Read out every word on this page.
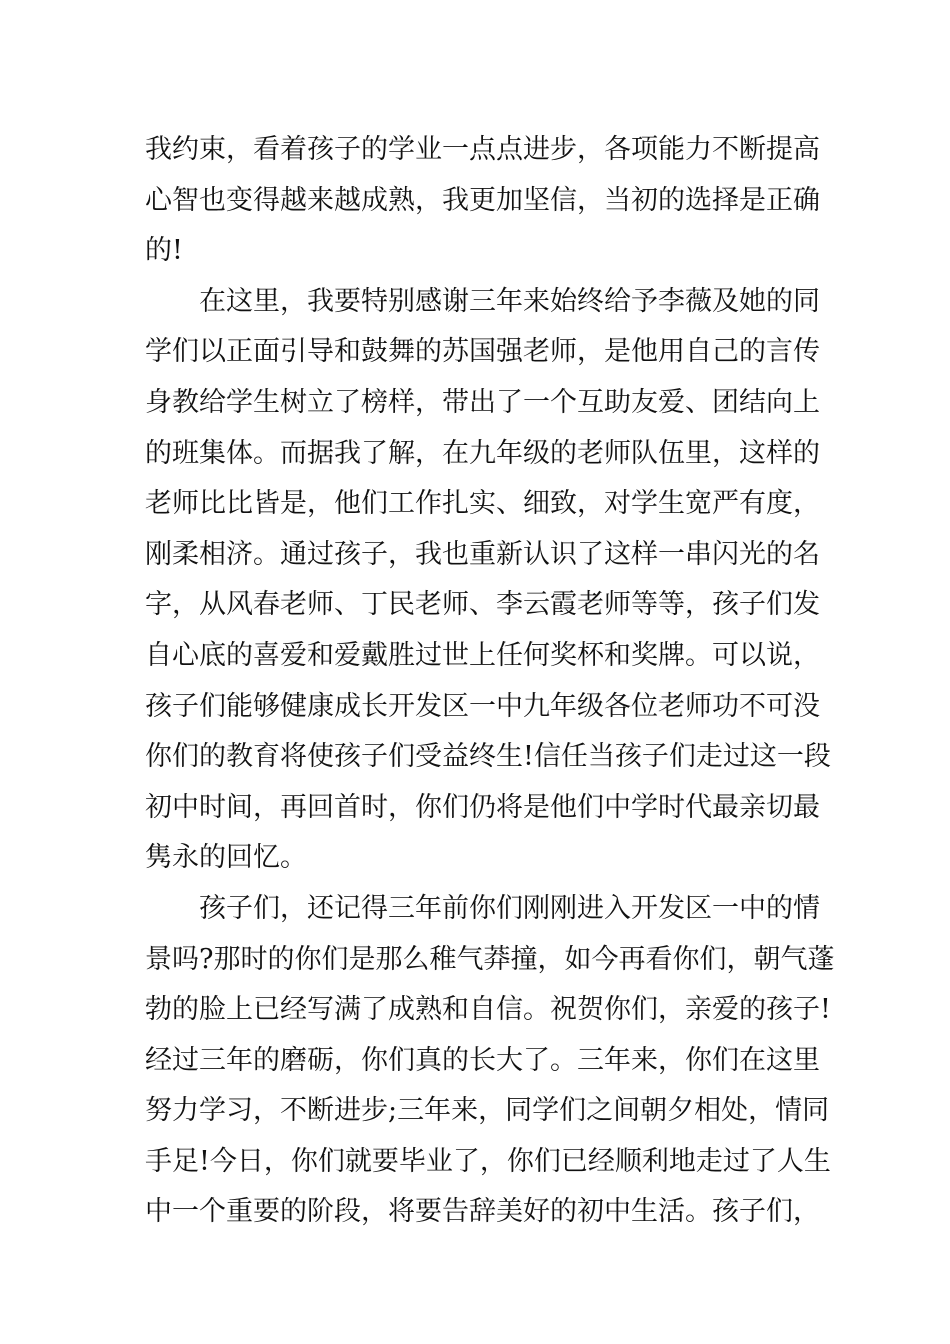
我约束，看着孩子的学业一点点进步，各项能力不断提高
心智也变得越来越成熟，我更加坚信，当初的选择是正确
的!
在这里，我要特别感谢三年来始终给予李薇及她的同
学们以正面引导和鼓舞的苏国强老师，是他用自己的言传
身教给学生树立了榜样，带出了一个互助友爱、团结向上
的班集体。而据我了解，在九年级的老师队伍里，这样的
老师比比皆是，他们工作扎实、细致，对学生宽严有度，
刚柔相济。通过孩子，我也重新认识了这样一串闪光的名
字，从风春老师、丁民老师、李云霞老师等等，孩子们发
自心底的喜爱和爱戴胜过世上任何奖杯和奖牌。可以说，
孩子们能够健康成长开发区一中九年级各位老师功不可没
你们的教育将使孩子们受益终生!信任当孩子们走过这一段
初中时间，再回首时，你们仍将是他们中学时代最亲切最
隽永的回忆。
孩子们，还记得三年前你们刚刚进入开发区一中的情
景吗?那时的你们是那么稚气莽撞，如今再看你们，朝气蓬
勃的脸上已经写满了成熟和自信。祝贺你们，亲爱的孩子!
经过三年的磨砺，你们真的长大了。三年来，你们在这里
努力学习，不断进步;三年来，同学们之间朝夕相处，情同
手足!今日，你们就要毕业了，你们已经顺利地走过了人生
中一个重要的阶段，将要告辞美好的初中生活。孩子们，
